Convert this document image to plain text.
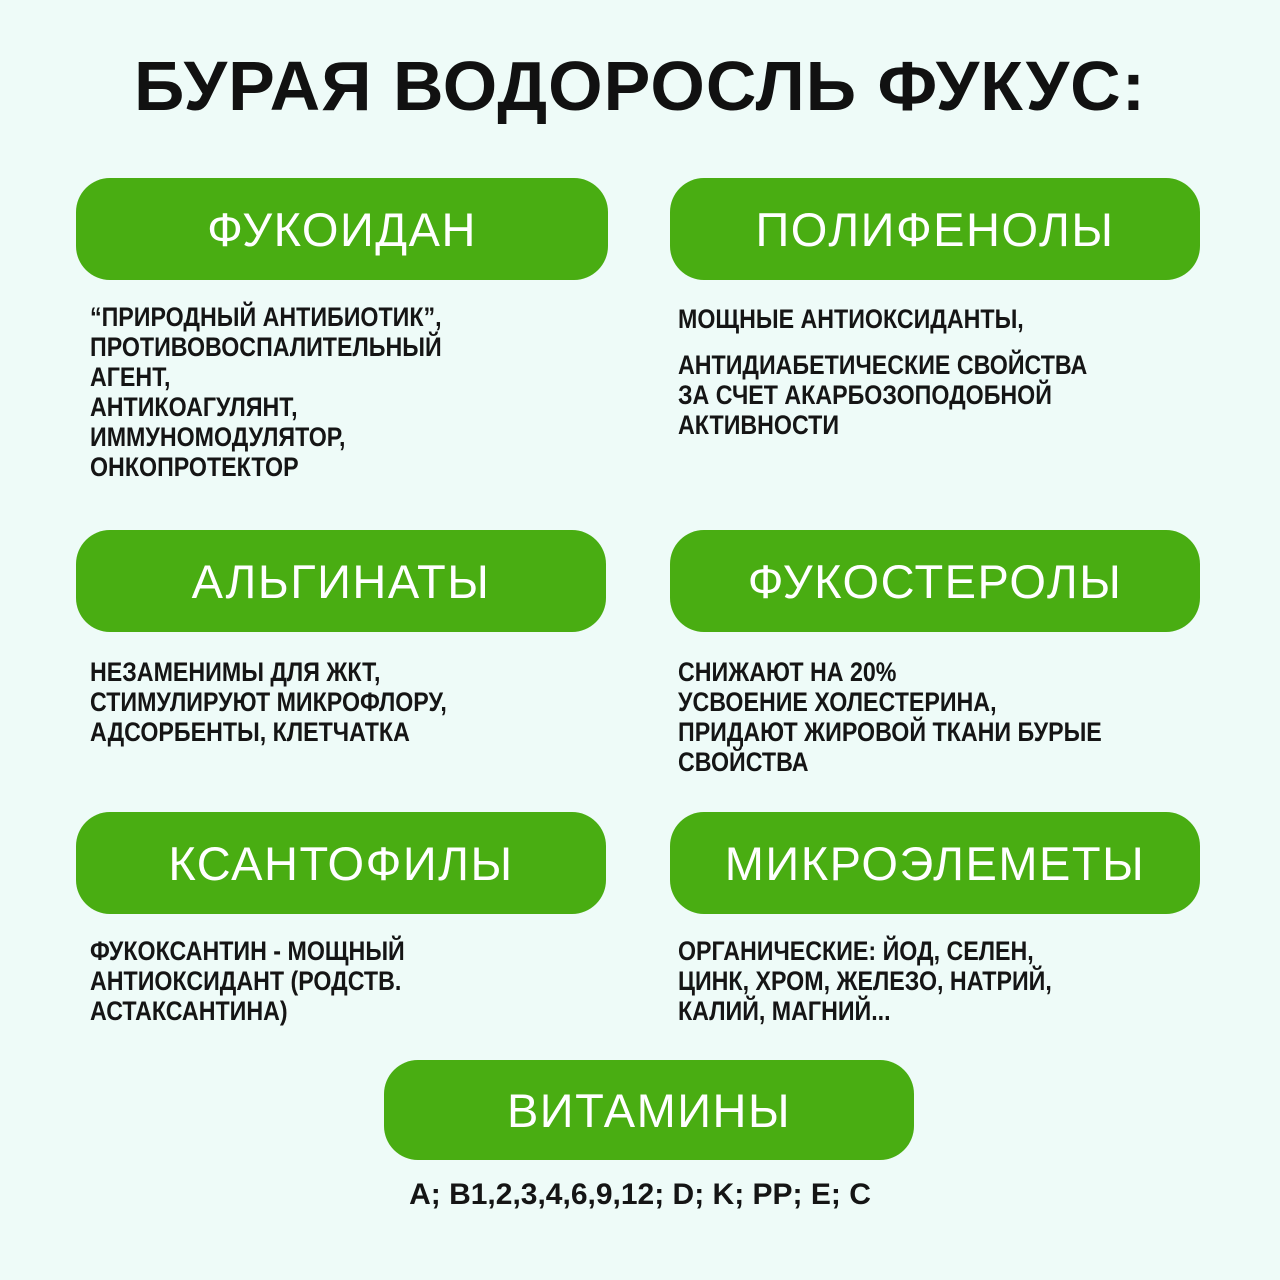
БУРАЯ ВОДОРОСЛЬ ФУКУС:
ФУКОИДАН	ПОЛИФЕНОЛЫ
“ПРИРОДНЫЙ АНТИБИОТИК”,
ПРОТИВОВОСПАЛИТЕЛЬНЫЙ
АГЕНТ,
АНТИКОАГУЛЯНТ,
ИММУНОМОДУЛЯТОР,
ОНКОПРОТЕКТОР
МОЩНЫЕ АНТИОКСИДАНТЫ,
АНТИДИАБЕТИЧЕСКИЕ СВОЙСТВА
ЗА СЧЕТ АКАРБОЗОПОДОБНОЙ
АКТИВНОСТИ
АЛЬГИНАТЫ	ФУКОСТЕРОЛЫ
НЕЗАМЕНИМЫ ДЛЯ ЖКТ,
СТИМУЛИРУЮТ МИКРОФЛОРУ,
АДСОРБЕНТЫ, КЛЕТЧАТКА
СНИЖАЮТ НА 20%
УСВОЕНИЕ ХОЛЕСТЕРИНА,
ПРИДАЮТ ЖИРОВОЙ ТКАНИ БУРЫЕ
СВОЙСТВА
КСАНТОФИЛЫ	МИКРОЭЛЕМЕТЫ
ФУКОКСАНТИН - МОЩНЫЙ
АНТИОКСИДАНТ (РОДСТВ.
АСТАКСАНТИНА)
ОРГАНИЧЕСКИЕ: ЙОД, СЕЛЕН,
ЦИНК, ХРОМ, ЖЕЛЕЗО, НАТРИЙ,
КАЛИЙ, МАГНИЙ...
ВИТАМИНЫ
A; B1,2,3,4,6,9,12; D; K; PP; E; C
